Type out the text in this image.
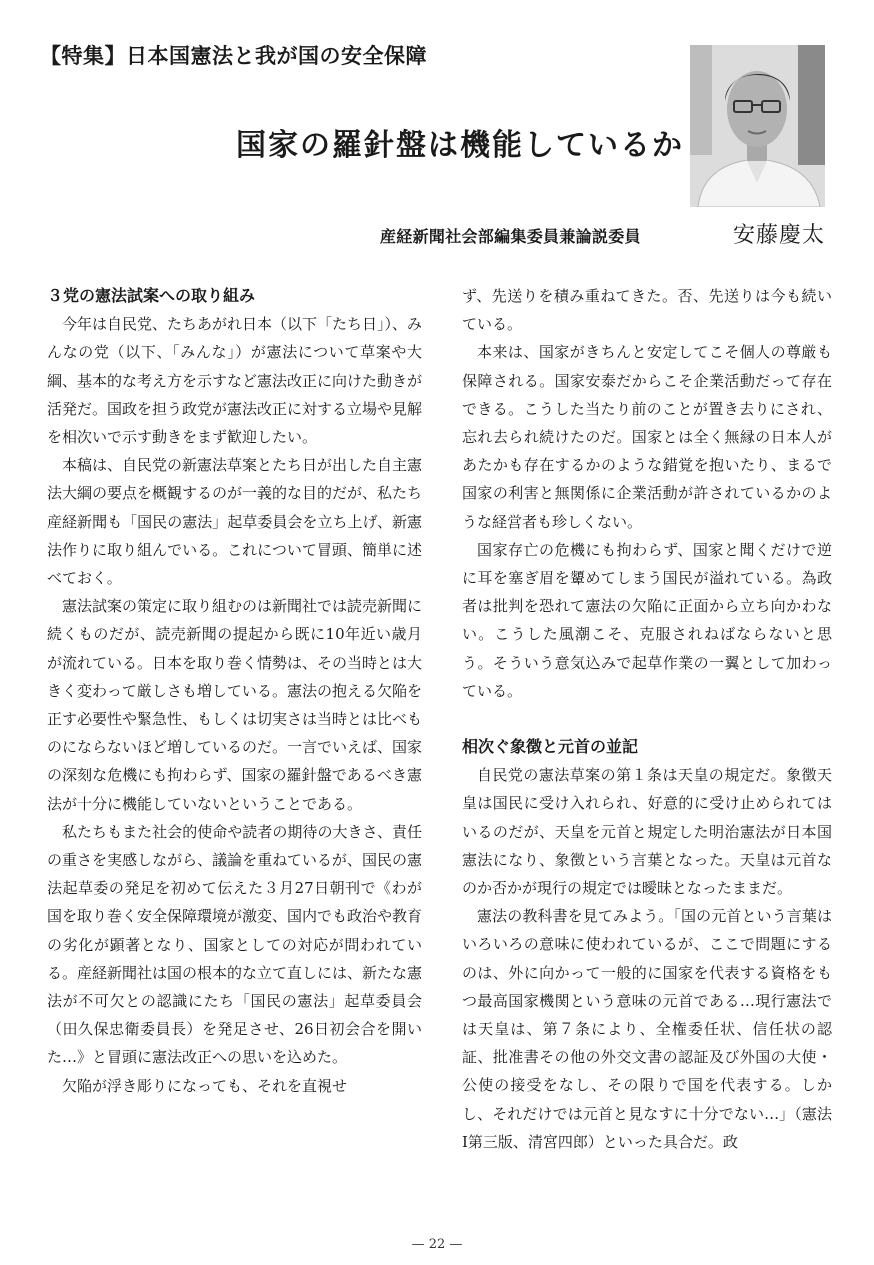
【特集】日本国憲法と我が国の安全保障
国家の羅針盤は機能しているか
産経新聞社会部編集委員兼論説委員	安藤慶太
３党の憲法試案への取り組み

今年は自民党、たちあがれ日本（以下「たち日」）、みんなの党（以下、「みんな」）が憲法について草案や大綱、基本的な考え方を示すなど憲法改正に向けた動きが活発だ。国政を担う政党が憲法改正に対する立場や見解を相次いで示す動きをまず歓迎したい。

本稿は、自民党の新憲法草案とたち日が出した自主憲法大綱の要点を概観するのが一義的な目的だが、私たち産経新聞も「国民の憲法」起草委員会を立ち上げ、新憲法作りに取り組んでいる。これについて冒頭、簡単に述べておく。

憲法試案の策定に取り組むのは新聞社では読売新聞に続くものだが、読売新聞の提起から既に10年近い歳月が流れている。日本を取り巻く情勢は、その当時とは大きく変わって厳しさも増している。憲法の抱える欠陥を正す必要性や緊急性、もしくは切実さは当時とは比べものにならないほど増しているのだ。一言でいえば、国家の深刻な危機にも拘わらず、国家の羅針盤であるべき憲法が十分に機能していないということである。

私たちもまた社会的使命や読者の期待の大きさ、責任の重さを実感しながら、議論を重ねているが、国民の憲法起草委の発足を初めて伝えた３月27日朝刊で《わが国を取り巻く安全保障環境が激変、国内でも政治や教育の劣化が顕著となり、国家としての対応が問われている。産経新聞社は国の根本的な立て直しには、新たな憲法が不可欠との認識にたち「国民の憲法」起草委員会（田久保忠衛委員長）を発足させ、26日初会合を開いた…》と冒頭に憲法改正への思いを込めた。

欠陥が浮き彫りになっても、それを直視せ

ず、先送りを積み重ねてきた。否、先送りは今も続いている。

本来は、国家がきちんと安定してこそ個人の尊厳も保障される。国家安泰だからこそ企業活動だって存在できる。こうした当たり前のことが置き去りにされ、忘れ去られ続けたのだ。国家とは全く無縁の日本人があたかも存在するかのような錯覚を抱いたり、まるで国家の利害と無関係に企業活動が許されているかのような経営者も珍しくない。

国家存亡の危機にも拘わらず、国家と聞くだけで逆に耳を塞ぎ眉を顰めてしまう国民が溢れている。為政者は批判を恐れて憲法の欠陥に正面から立ち向かわない。こうした風潮こそ、克服されねばならないと思う。そういう意気込みで起草作業の一翼として加わっている。

相次ぐ象徴と元首の並記

自民党の憲法草案の第１条は天皇の規定だ。象徴天皇は国民に受け入れられ、好意的に受け止められてはいるのだが、天皇を元首と規定した明治憲法が日本国憲法になり、象徴という言葉となった。天皇は元首なのか否かが現行の規定では曖昧となったままだ。

憲法の教科書を見てみよう。「国の元首という言葉はいろいろの意味に使われているが、ここで問題にするのは、外に向かって一般的に国家を代表する資格をもつ最高国家機関という意味の元首である…現行憲法では天皇は、第７条により、全権委任状、信任状の認証、批准書その他の外交文書の認証及び外国の大使・公使の接受をなし、その限りで国を代表する。しかし、それだけでは元首と見なすに十分でない…」（憲法Ⅰ第三版、清宮四郎）といった具合だ。政

— 22 —
